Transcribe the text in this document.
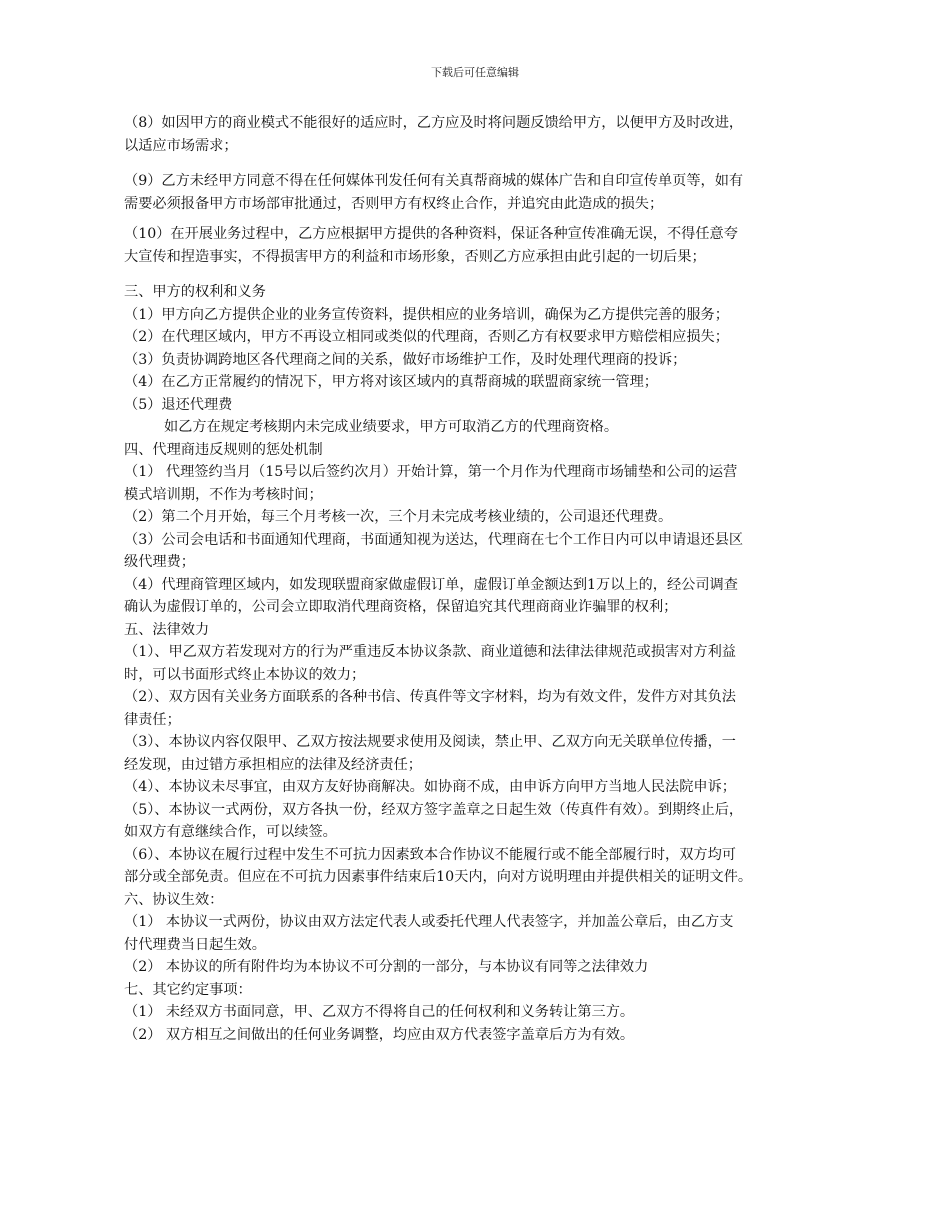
下载后可任意编辑
（8）如因甲方的商业模式不能很好的适应时，乙方应及时将问题反馈给甲方，以便甲方及时改进，
以适应市场需求；
（9）乙方未经甲方同意不得在任何媒体刊发任何有关真帮商城的媒体广告和自印宣传单页等，如有
需要必须报备甲方市场部审批通过，否则甲方有权终止合作，并追究由此造成的损失；
（10）在开展业务过程中，乙方应根据甲方提供的各种资料，保证各种宣传准确无误，不得任意夸
大宣传和捏造事实，不得损害甲方的利益和市场形象，否则乙方应承担由此引起的一切后果；
三、甲方的权利和义务
（1）甲方向乙方提供企业的业务宣传资料，提供相应的业务培训，确保为乙方提供完善的服务；
（2）在代理区域内，甲方不再设立相同或类似的代理商，否则乙方有权要求甲方赔偿相应损失；
（3）负责协调跨地区各代理商之间的关系，做好市场维护工作，及时处理代理商的投诉；
（4）在乙方正常履约的情况下，甲方将对该区域内的真帮商城的联盟商家统一管理；
（5）退还代理费
如乙方在规定考核期内未完成业绩要求，甲方可取消乙方的代理商资格。
四、代理商违反规则的惩处机制
（1） 代理签约当月（15号以后签约次月）开始计算，第一个月作为代理商市场铺垫和公司的运营
模式培训期，不作为考核时间；
（2）第二个月开始，每三个月考核一次，三个月未完成考核业绩的，公司退还代理费。
（3）公司会电话和书面通知代理商，书面通知视为送达，代理商在七个工作日内可以申请退还县区
级代理费；
（4）代理商管理区域内，如发现联盟商家做虚假订单，虚假订单金额达到1万以上的，经公司调查
确认为虚假订单的，公司会立即取消代理商资格，保留追究其代理商商业诈骗罪的权利；
五、法律效力
（1）、甲乙双方若发现对方的行为严重违反本协议条款、商业道德和法律法律规范或损害对方利益
时，可以书面形式终止本协议的效力；
（2）、双方因有关业务方面联系的各种书信、传真件等文字材料，均为有效文件，发件方对其负法
律责任；
（3）、本协议内容仅限甲、乙双方按法规要求使用及阅读，禁止甲、乙双方向无关联单位传播，一
经发现，由过错方承担相应的法律及经济责任；
（4）、本协议未尽事宜，由双方友好协商解决。如协商不成，由申诉方向甲方当地人民法院申诉；
（5）、本协议一式两份，双方各执一份，经双方签字盖章之日起生效（传真件有效）。到期终止后，
如双方有意继续合作，可以续签。
（6）、本协议在履行过程中发生不可抗力因素致本合作协议不能履行或不能全部履行时，双方均可
部分或全部免责。但应在不可抗力因素事件结束后10天内，向对方说明理由并提供相关的证明文件。
六、协议生效：
（1） 本协议一式两份，协议由双方法定代表人或委托代理人代表签字，并加盖公章后，由乙方支
付代理费当日起生效。
（2） 本协议的所有附件均为本协议不可分割的一部分，与本协议有同等之法律效力
七、其它约定事项：
（1） 未经双方书面同意，甲、乙双方不得将自己的任何权利和义务转让第三方。
（2） 双方相互之间做出的任何业务调整，均应由双方代表签字盖章后方为有效。
